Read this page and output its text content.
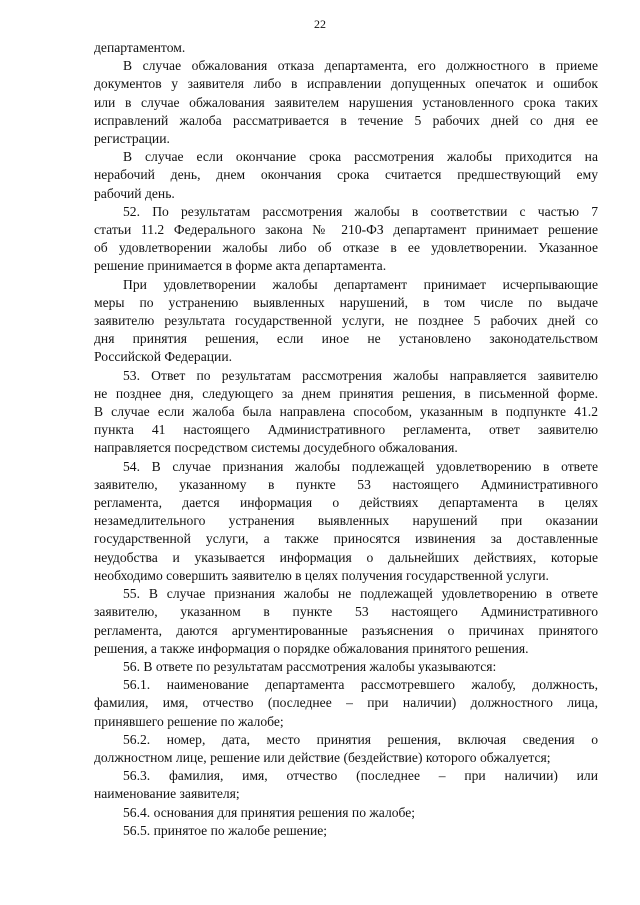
22
департаментом.
В случае обжалования отказа департамента, его должностного в приеме
документов у заявителя либо в исправлении допущенных опечаток и ошибок
или в случае обжалования заявителем нарушения установленного срока таких
исправлений жалоба рассматривается в течение 5 рабочих дней со дня ее
регистрации.
В случае если окончание срока рассмотрения жалобы приходится на
нерабочий день, днем окончания срока считается предшествующий ему
рабочий день.
52. По результатам рассмотрения жалобы в соответствии с частью 7
статьи 11.2 Федерального закона № 210-ФЗ департамент принимает решение
об удовлетворении жалобы либо об отказе в ее удовлетворении. Указанное
решение принимается в форме акта департамента.
При удовлетворении жалобы департамент принимает исчерпывающие
меры по устранению выявленных нарушений, в том числе по выдаче
заявителю результата государственной услуги, не позднее 5 рабочих дней со
дня принятия решения, если иное не установлено законодательством
Российской Федерации.
53. Ответ по результатам рассмотрения жалобы направляется заявителю
не позднее дня, следующего за днем принятия решения, в письменной форме.
В случае если жалоба была направлена способом, указанным в подпункте 41.2
пункта 41 настоящего Административного регламента, ответ заявителю
направляется посредством системы досудебного обжалования.
54. В случае признания жалобы подлежащей удовлетворению в ответе
заявителю, указанному в пункте 53 настоящего Административного
регламента, дается информация о действиях департамента в целях
незамедлительного устранения выявленных нарушений при оказании
государственной услуги, а также приносятся извинения за доставленные
неудобства и указывается информация о дальнейших действиях, которые
необходимо совершить заявителю в целях получения государственной услуги.
55. В случае признания жалобы не подлежащей удовлетворению в ответе
заявителю, указанном в пункте 53 настоящего Административного
регламента, даются аргументированные разъяснения о причинах принятого
решения, а также информация о порядке обжалования принятого решения.
56. В ответе по результатам рассмотрения жалобы указываются:
56.1. наименование департамента рассмотревшего жалобу, должность,
фамилия, имя, отчество (последнее – при наличии) должностного лица,
принявшего решение по жалобе;
56.2. номер, дата, место принятия решения, включая сведения о
должностном лице, решение или действие (бездействие) которого обжалуется;
56.3. фамилия, имя, отчество (последнее – при наличии) или
наименование заявителя;
56.4. основания для принятия решения по жалобе;
56.5. принятое по жалобе решение;
